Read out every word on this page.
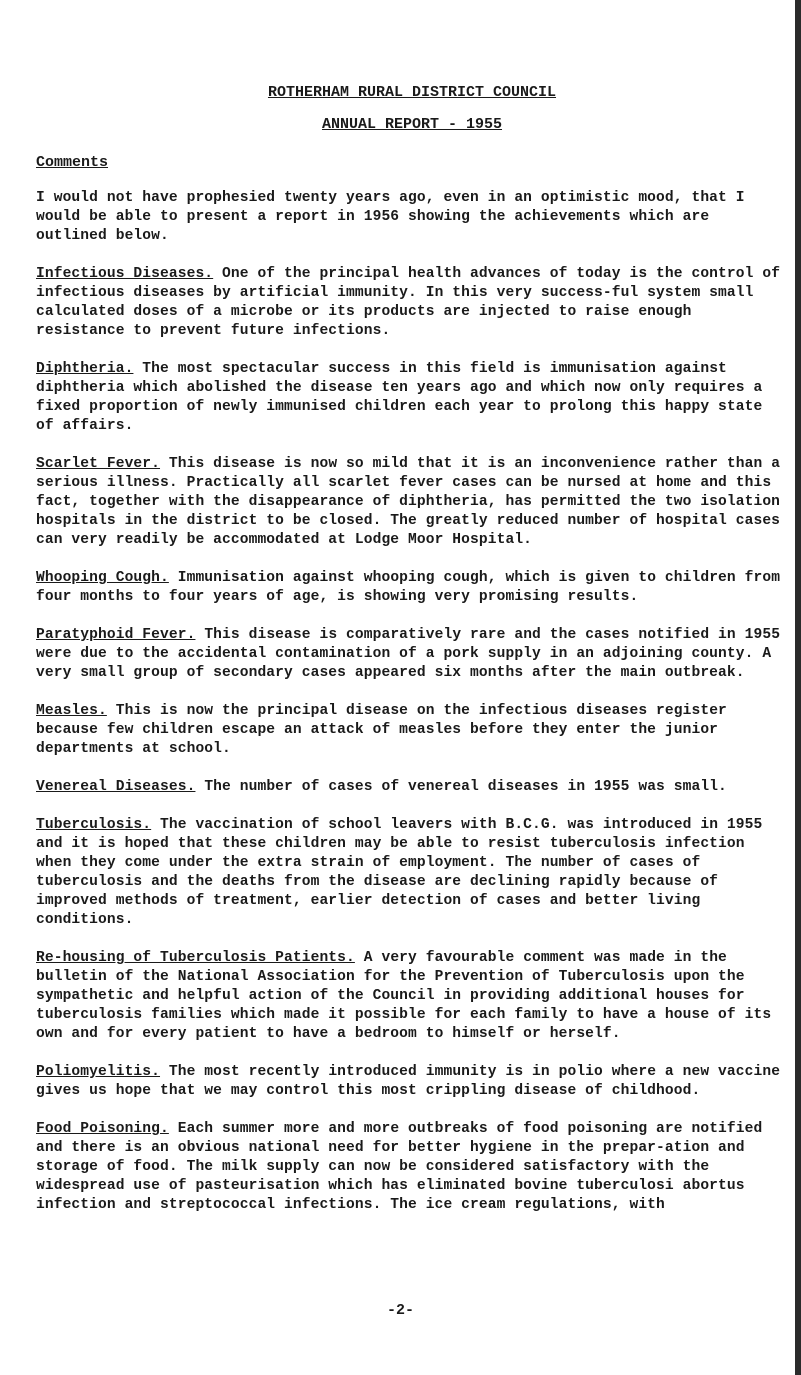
ROTHERHAM RURAL DISTRICT COUNCIL
ANNUAL REPORT - 1955
Comments

I would not have prophesied twenty years ago, even in an optimistic mood, that I would be able to present a report in 1956 showing the achievements which are outlined below.

Infectious Diseases. One of the principal health advances of today is the control of infectious diseases by artificial immunity. In this very success-ful system small calculated doses of a microbe or its products are injected to raise enough resistance to prevent future infections.

Diphtheria. The most spectacular success in this field is immunisation against diphtheria which abolished the disease ten years ago and which now only requires a fixed proportion of newly immunised children each year to prolong this happy state of affairs.

Scarlet Fever. This disease is now so mild that it is an inconvenience rather than a serious illness. Practically all scarlet fever cases can be nursed at home and this fact, together with the disappearance of diphtheria, has permitted the two isolation hospitals in the district to be closed. The greatly reduced number of hospital cases can very readily be accommodated at Lodge Moor Hospital.

Whooping Cough. Immunisation against whooping cough, which is given to children from four months to four years of age, is showing very promising results.

Paratyphoid Fever. This disease is comparatively rare and the cases notified in 1955 were due to the accidental contamination of a pork supply in an adjoining county. A very small group of secondary cases appeared six months after the main outbreak.

Measles. This is now the principal disease on the infectious diseases register because few children escape an attack of measles before they enter the junior departments at school.

Venereal Diseases. The number of cases of venereal diseases in 1955 was small.

Tuberculosis. The vaccination of school leavers with B.C.G. was introduced in 1955 and it is hoped that these children may be able to resist tuberculosis infection when they come under the extra strain of employment. The number of cases of tuberculosis and the deaths from the disease are declining rapidly because of improved methods of treatment, earlier detection of cases and better living conditions.

Re-housing of Tuberculosis Patients. A very favourable comment was made in the bulletin of the National Association for the Prevention of Tuberculosis upon the sympathetic and helpful action of the Council in providing additional houses for tuberculosis families which made it possible for each family to have a house of its own and for every patient to have a bedroom to himself or herself.

Poliomyelitis. The most recently introduced immunity is in polio where a new vaccine gives us hope that we may control this most crippling disease of childhood.

Food Poisoning. Each summer more and more outbreaks of food poisoning are notified and there is an obvious national need for better hygiene in the prepar-ation and storage of food. The milk supply can now be considered satisfactory with the widespread use of pasteurisation which has eliminated bovine tuberculosi abortus infection and streptococcal infections. The ice cream regulations, with

-2-
